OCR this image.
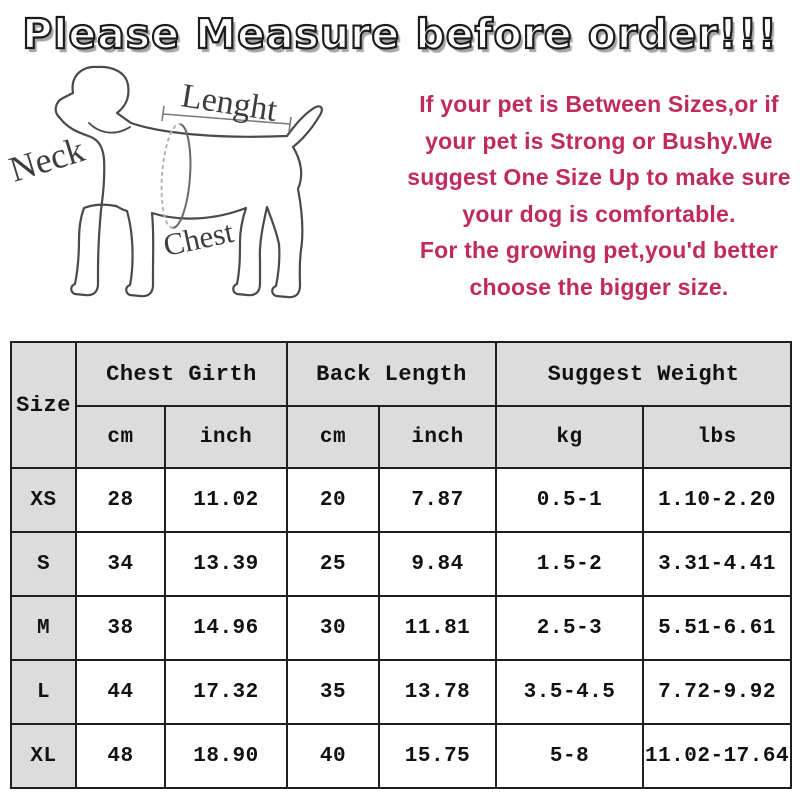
Please Measure before order!!!
Lenght
Neck
Chest
If your pet is Between Sizes,or if
your pet is Strong or Bushy.We
suggest One Size Up to make sure
your dog is comfortable.
For the growing pet,you'd better
choose the bigger size.
Size	Chest Girth		Back Length		Suggest Weight	
	cm	inch	cm	inch	kg	lbs
XS	28	11.02	20	7.87	0.5-1	1.10-2.20
S	34	13.39	25	9.84	1.5-2	3.31-4.41
M	38	14.96	30	11.81	2.5-3	5.51-6.61
L	44	17.32	35	13.78	3.5-4.5	7.72-9.92
XL	48	18.90	40	15.75	5-8	11.02-17.64
